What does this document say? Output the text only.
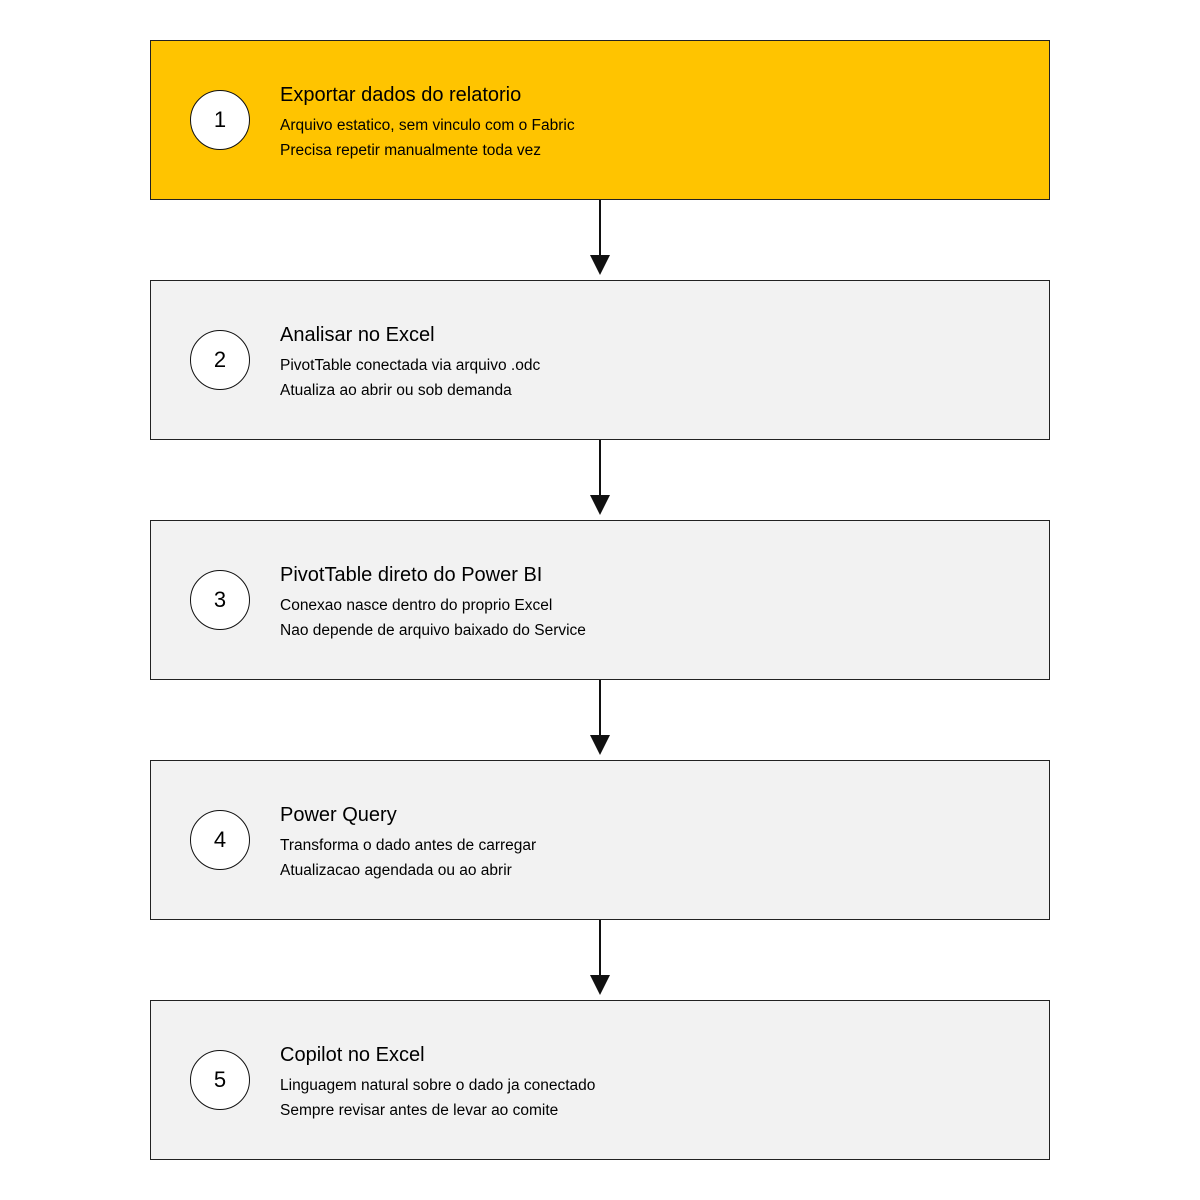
1
Exportar dados do relatorio
Arquivo estatico, sem vinculo com o Fabric
Precisa repetir manualmente toda vez
2
Analisar no Excel
PivotTable conectada via arquivo .odc
Atualiza ao abrir ou sob demanda
3
PivotTable direto do Power BI
Conexao nasce dentro do proprio Excel
Nao depende de arquivo baixado do Service
4
Power Query
Transforma o dado antes de carregar
Atualizacao agendada ou ao abrir
5
Copilot no Excel
Linguagem natural sobre o dado ja conectado
Sempre revisar antes de levar ao comite
